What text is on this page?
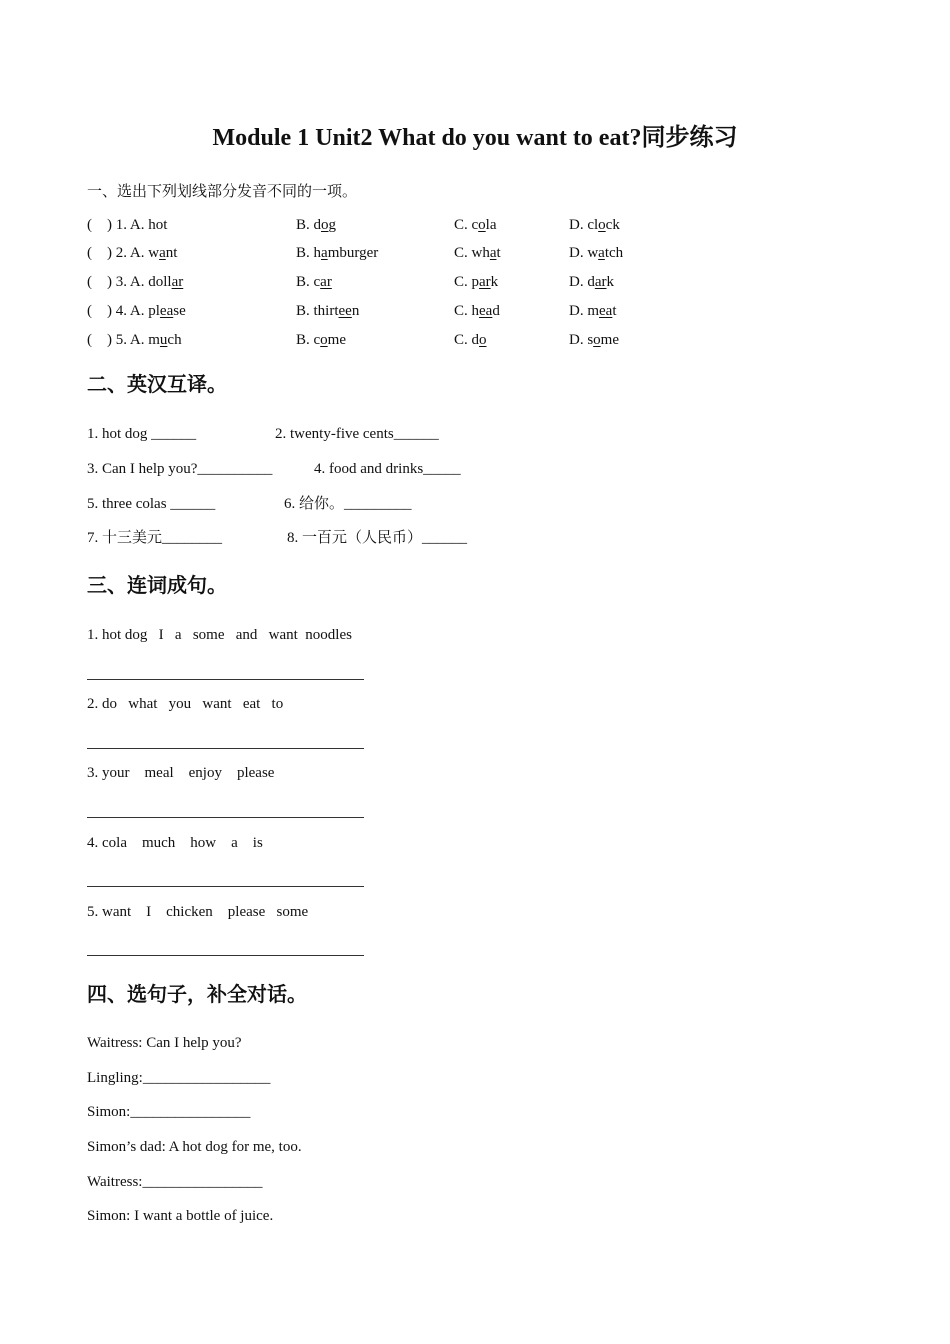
Module 1 Unit2 What do you want to eat?同步练习
一、选出下列划线部分发音不同的一项。
(    ) 1. A. hot	B. dog	C. cola	D. clock
(    ) 2. A. want	B. hamburger	C. what	D. watch
(    ) 3. A. dollar	B. car	C. park	D. dark
(    ) 4. A. please	B. thirteen	C. head	D. meat
(    ) 5. A. much	B. come	C. do	D. some
二、英汉互译。
1. hot dog ______	2. twenty-five cents______
3. Can I help you?__________	4. food and drinks_____
5. three colas ______	6. 给你。_________
7. 十三美元________	8. 一百元（人民币）______
三、连词成句。
1. hot dog   I   a   some   and   want  noodles
2. do   what   you   want   eat   to
3. your    meal    enjoy    please
4. cola    much    how    a    is
5. want    I    chicken    please   some
四、选句子，补全对话。
Waitress: Can I help you?
Lingling:_________________
Simon:________________
Simon’s dad: A hot dog for me, too.
Waitress:________________
Simon: I want a bottle of juice.
